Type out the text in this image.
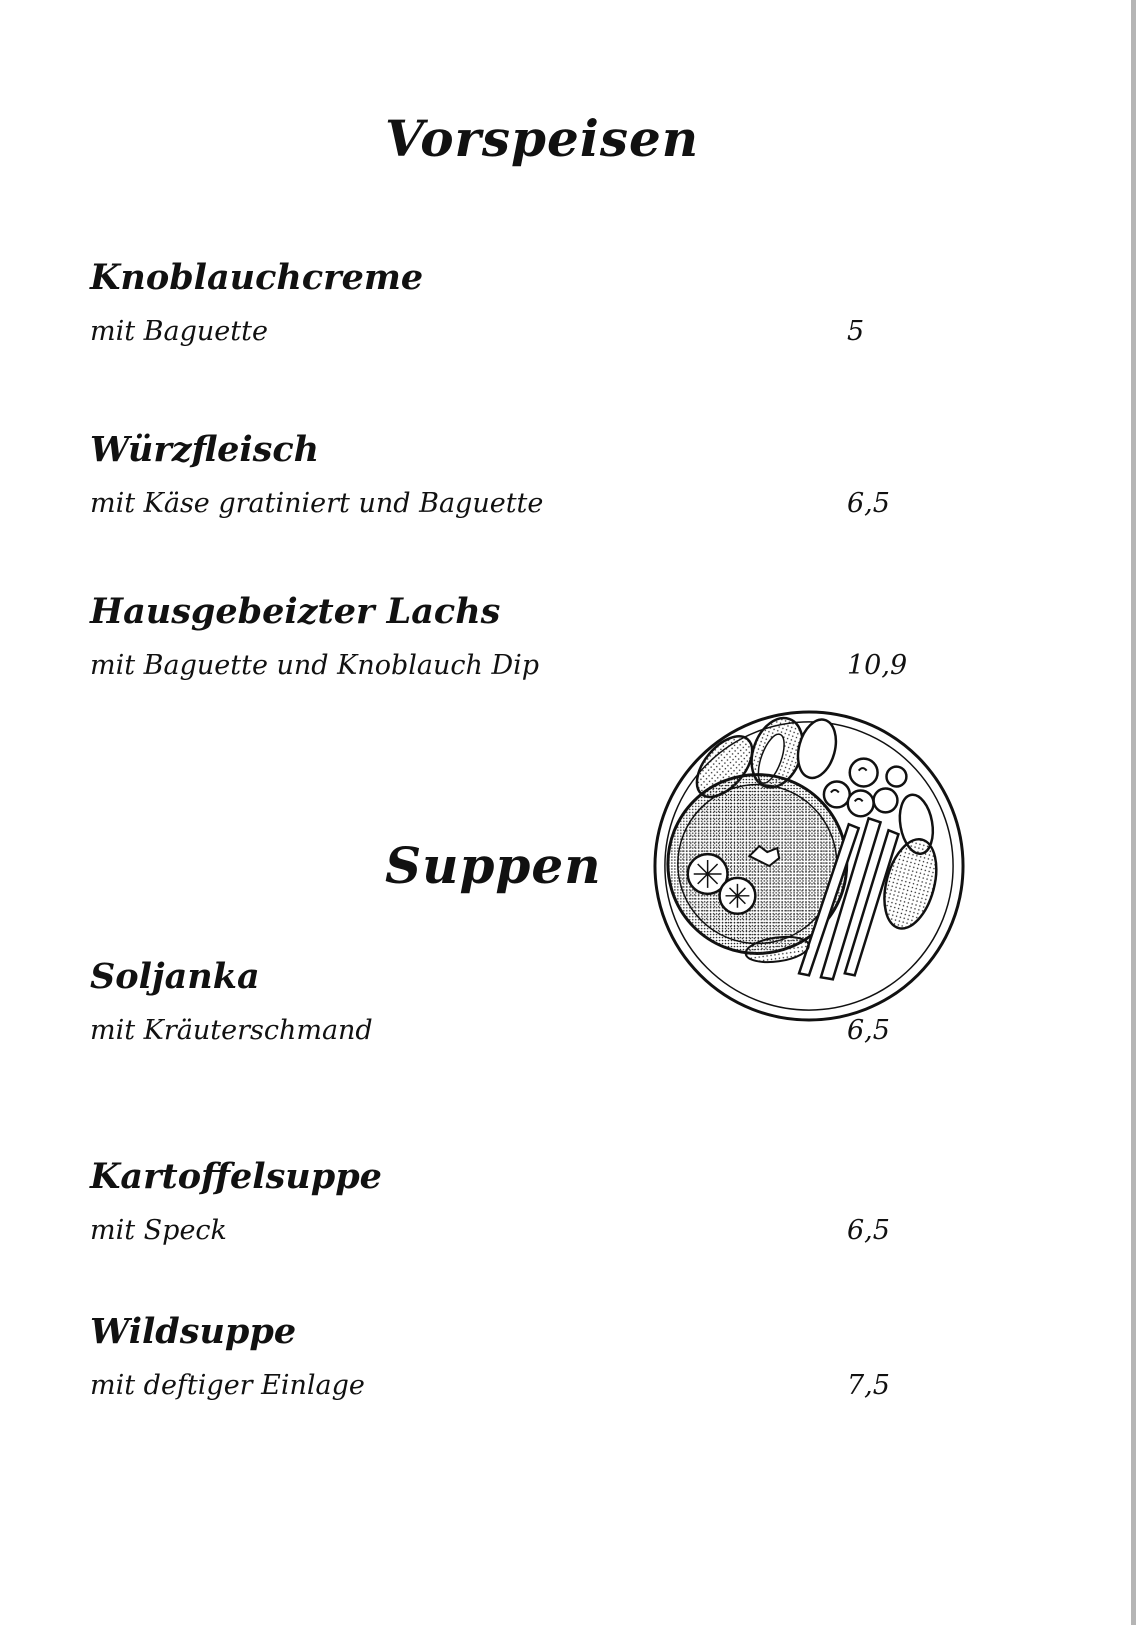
Vorspeisen
Knoblauchcreme

mit Baguette	5

Würzfleisch

mit Käse gratiniert und Baguette	6,5

Hausgebeizter Lachs

mit Baguette und Knoblauch Dip	10,9

Suppen
Soljanka

mit Kräuterschmand	6,5

Kartoffelsuppe

mit Speck	6,5

Wildsuppe

mit deftiger Einlage	7,5
